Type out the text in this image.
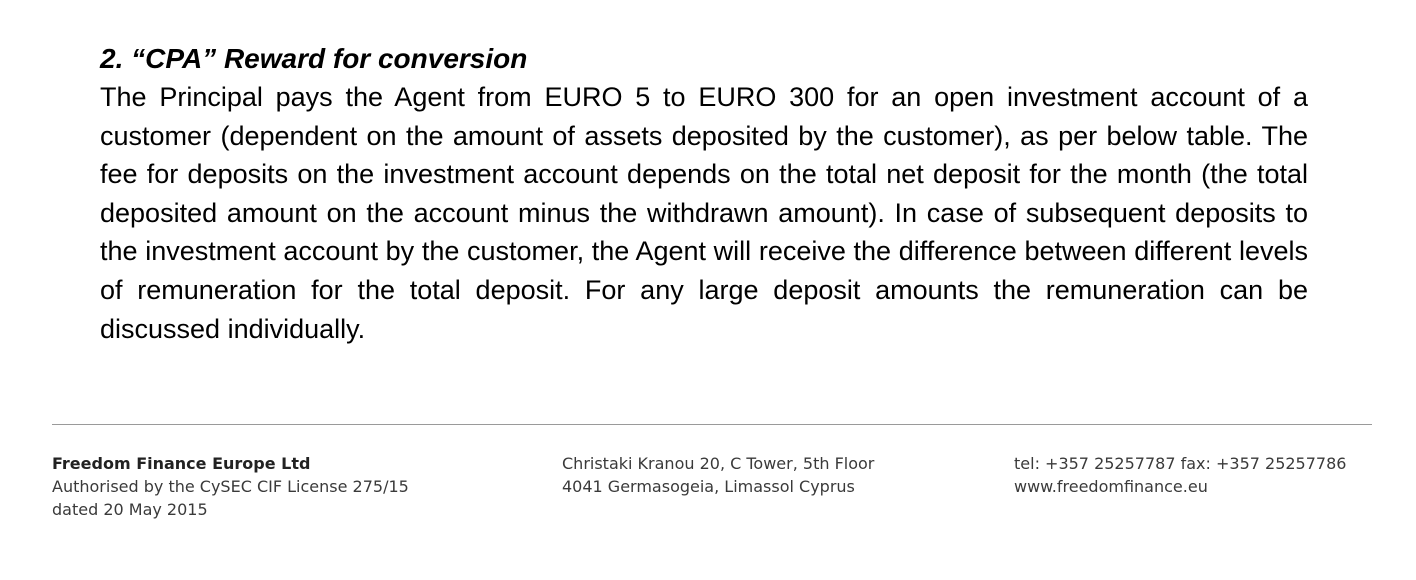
2. “CPA” Reward for conversion

The Principal pays the Agent from EURO 5 to EURO 300 for an open investment account of a customer (dependent on the amount of assets deposited by the customer), as per below table. The fee for deposits on the investment account depends on the total net deposit for the month (the total deposited amount on the account minus the withdrawn amount). In case of subsequent deposits to the investment account by the customer, the Agent will receive the difference between different levels of remuneration for the total deposit. For any large deposit amounts the remuneration can be discussed individually.

Freedom Finance Europe Ltd
Authorised by the CySEC CIF License 275/15
dated 20 May 2015
Christaki Kranou 20, C Tower, 5th Floor
4041 Germasogeia, Limassol Cyprus
tel: +357 25257787 fax: +357 25257786
www.freedomfinance.eu
